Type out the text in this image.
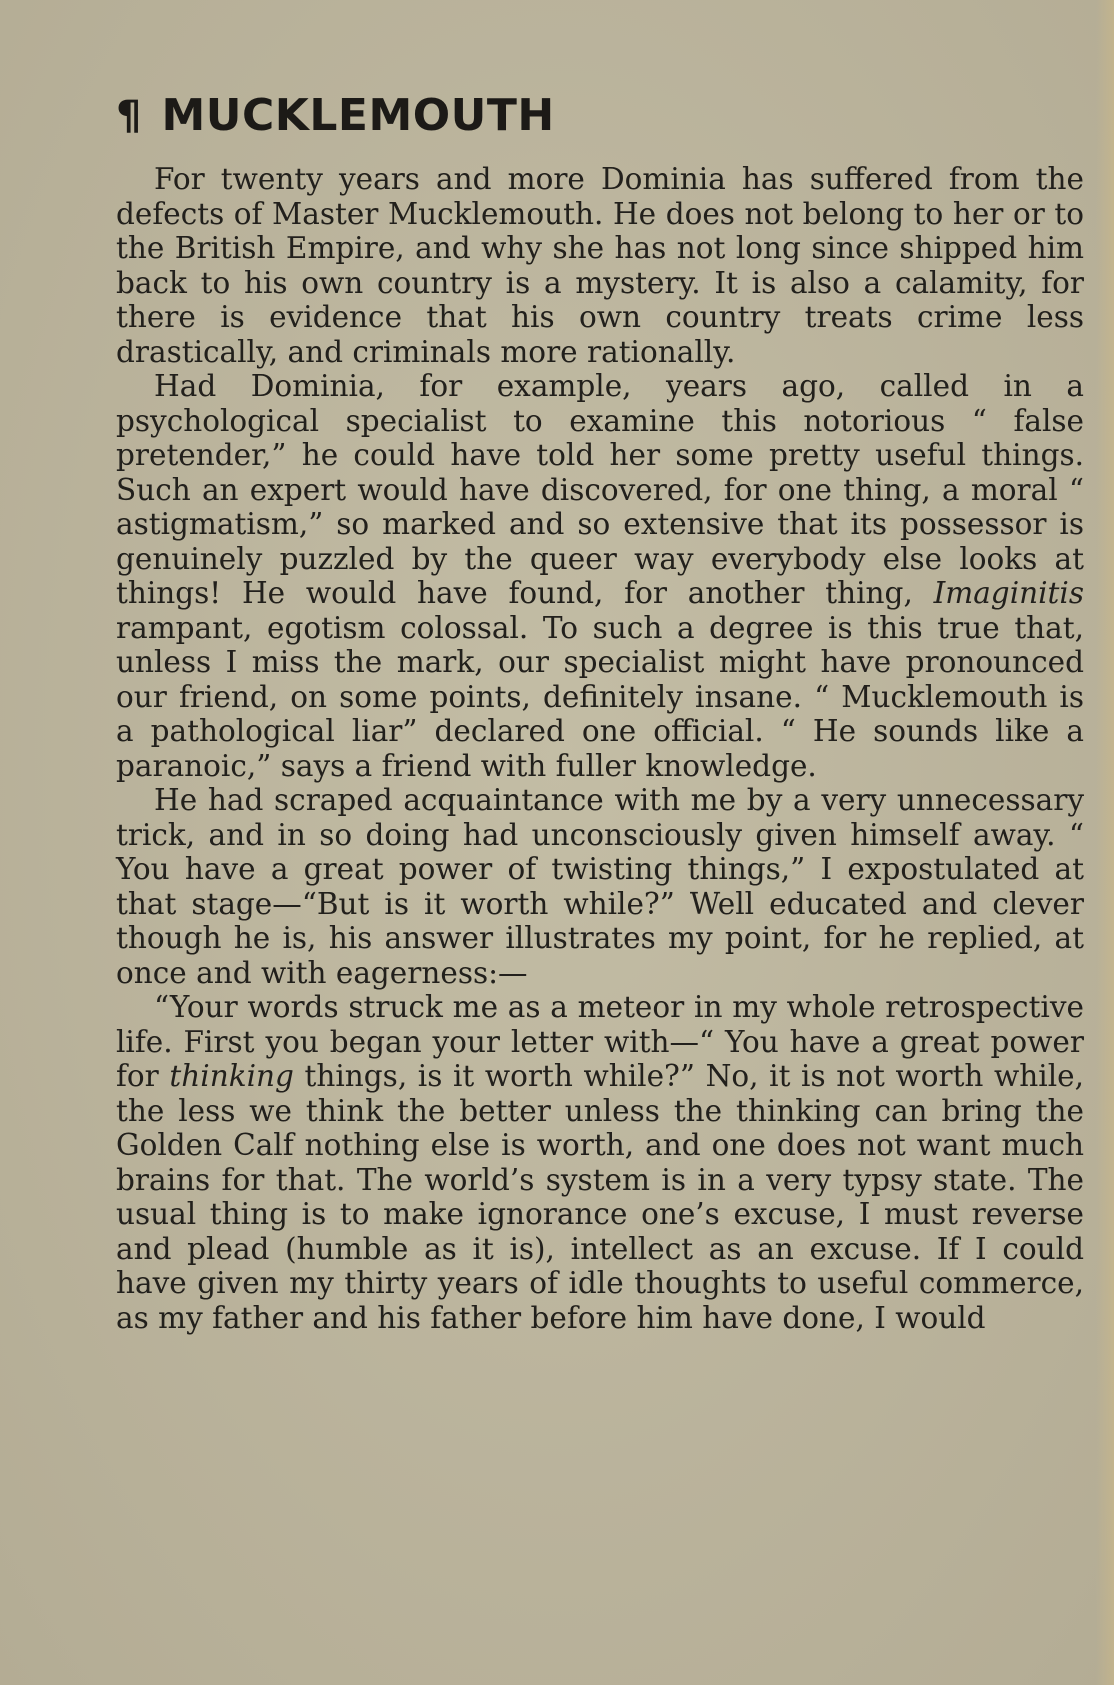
¶ MUCKLEMOUTH

For twenty years and more Dominia has suffered from the defects of Master Mucklemouth. He does not belong to her or to the British Empire, and why she has not long since shipped him back to his own country is a mystery. It is also a calamity, for there is evidence that his own country treats crime less drastically, and criminals more rationally.

Had Dominia, for example, years ago, called in a psychological specialist to examine this notorious “ false pretender,” he could have told her some pretty useful things. Such an expert would have discovered, for one thing, a moral “ astigmatism,” so marked and so extensive that its possessor is genuinely puzzled by the queer way everybody else looks at things! He would have found, for another thing, Imaginitis rampant, egotism colossal. To such a degree is this true that, unless I miss the mark, our specialist might have pronounced our friend, on some points, definitely insane. “ Mucklemouth is a pathological liar” declared one official. “ He sounds like a paranoic,” says a friend with fuller knowledge.

He had scraped acquaintance with me by a very unnecessary trick, and in so doing had unconsciously given himself away. “ You have a great power of twisting things,” I expostulated at that stage—“But is it worth while?” Well educated and clever though he is, his answer illustrates my point, for he replied, at once and with eagerness:—

“Your words struck me as a meteor in my whole retrospective life. First you began your letter with—“ You have a great power for thinking things, is it worth while?” No, it is not worth while, the less we think the better unless the thinking can bring the Golden Calf nothing else is worth, and one does not want much brains for that. The world’s system is in a very typsy state. The usual thing is to make ignorance one’s excuse, I must reverse and plead (humble as it is), intellect as an excuse. If I could have given my thirty years of idle thoughts to useful commerce, as my father and his father before him have done, I would
